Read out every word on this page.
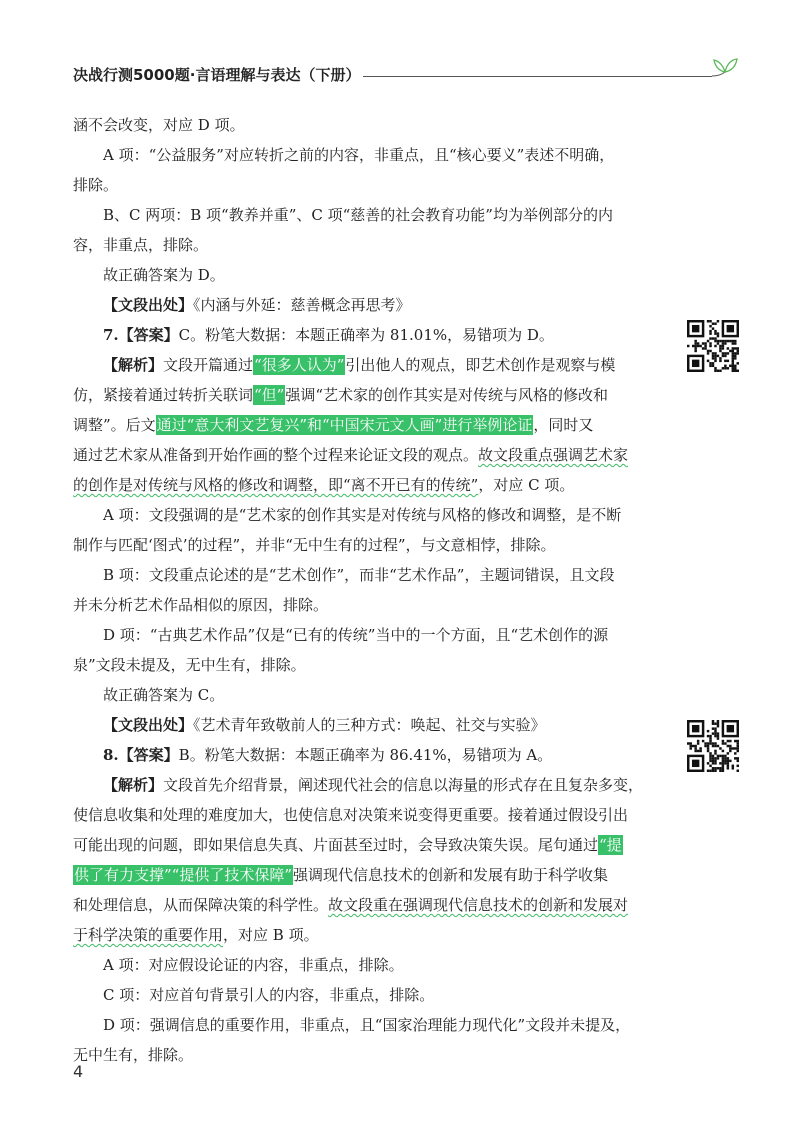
决战行测5000题·言语理解与表达（下册）
涵不会改变，对应 D 项。
A 项：“公益服务”对应转折之前的内容，非重点，且“核心要义”表述不明确，
排除。
B、C 两项：B 项“教养并重”、C 项“慈善的社会教育功能”均为举例部分的内
容，非重点，排除。
故正确答案为 D。
【文段出处】《内涵与外延：慈善概念再思考》
7.【答案】C。粉笔大数据：本题正确率为 81.01%，易错项为 D。
【解析】文段开篇通过“很多人认为”引出他人的观点，即艺术创作是观察与模
仿，紧接着通过转折关联词“但”强调“艺术家的创作其实是对传统与风格的修改和
调整”。后文通过“意大利文艺复兴”和“中国宋元文人画”进行举例论证，同时又
通过艺术家从准备到开始作画的整个过程来论证文段的观点。故文段重点强调艺术家
的创作是对传统与风格的修改和调整，即“离不开已有的传统”，对应 C 项。
A 项：文段强调的是“艺术家的创作其实是对传统与风格的修改和调整，是不断
制作与匹配‘图式’的过程”，并非“无中生有的过程”，与文意相悖，排除。
B 项：文段重点论述的是“艺术创作”，而非“艺术作品”，主题词错误，且文段
并未分析艺术作品相似的原因，排除。
D 项：“古典艺术作品”仅是“已有的传统”当中的一个方面，且“艺术创作的源
泉”文段未提及，无中生有，排除。
故正确答案为 C。
【文段出处】《艺术青年致敬前人的三种方式：唤起、社交与实验》
8.【答案】B。粉笔大数据：本题正确率为 86.41%，易错项为 A。
【解析】文段首先介绍背景，阐述现代社会的信息以海量的形式存在且复杂多变，
使信息收集和处理的难度加大，也使信息对决策来说变得更重要。接着通过假设引出
可能出现的问题，即如果信息失真、片面甚至过时，会导致决策失误。尾句通过“提
供了有力支撑”“提供了技术保障”强调现代信息技术的创新和发展有助于科学收集
和处理信息，从而保障决策的科学性。故文段重在强调现代信息技术的创新和发展对
于科学决策的重要作用，对应 B 项。
A 项：对应假设论证的内容，非重点，排除。
C 项：对应首句背景引人的内容，非重点，排除。
D 项：强调信息的重要作用，非重点，且“国家治理能力现代化”文段并未提及，
无中生有，排除。
4
